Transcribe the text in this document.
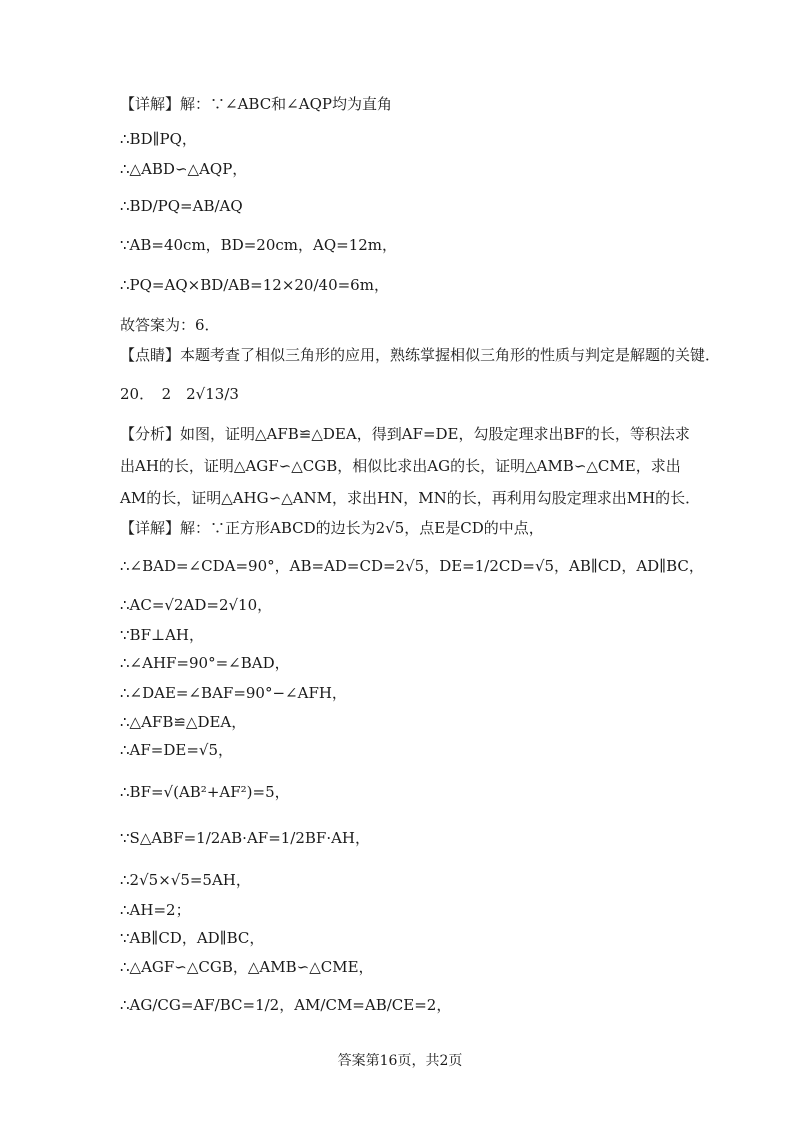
【详解】解：∵∠ABC和∠AQP均为直角
∴BD∥PQ，
∴△ABD∽△AQP，
∴BD/PQ=AB/AQ
∵AB=40cm，BD=20cm，AQ=12m，
∴PQ=AQ×BD/AB=12×20/40=6m，
故答案为：6．
【点睛】本题考查了相似三角形的应用，熟练掌握相似三角形的性质与判定是解题的关键．
20．　2　2√13/3
【分析】如图，证明△AFB≌△DEA，得到AF=DE，勾股定理求出BF的长，等积法求
出AH的长，证明△AGF∽△CGB，相似比求出AG的长，证明△AMB∽△CME，求出
AM的长，证明△AHG∽△ANM，求出HN，MN的长，再利用勾股定理求出MH的长．
【详解】解：∵正方形ABCD的边长为2√5，点E是CD的中点，
∴∠BAD=∠CDA=90°，AB=AD=CD=2√5，DE=1/2CD=√5，AB∥CD，AD∥BC，
∴AC=√2AD=2√10，
∵BF⊥AH，
∴∠AHF=90°=∠BAD，
∴∠DAE=∠BAF=90°−∠AFH，
∴△AFB≌△DEA，
∴AF=DE=√5，
∴BF=√(AB²+AF²)=5，
∵S△ABF=1/2AB·AF=1/2BF·AH，
∴2√5×√5=5AH，
∴AH=2；
∵AB∥CD，AD∥BC，
∴△AGF∽△CGB，△AMB∽△CME，
∴AG/CG=AF/BC=1/2，AM/CM=AB/CE=2，
答案第16页，共2页
